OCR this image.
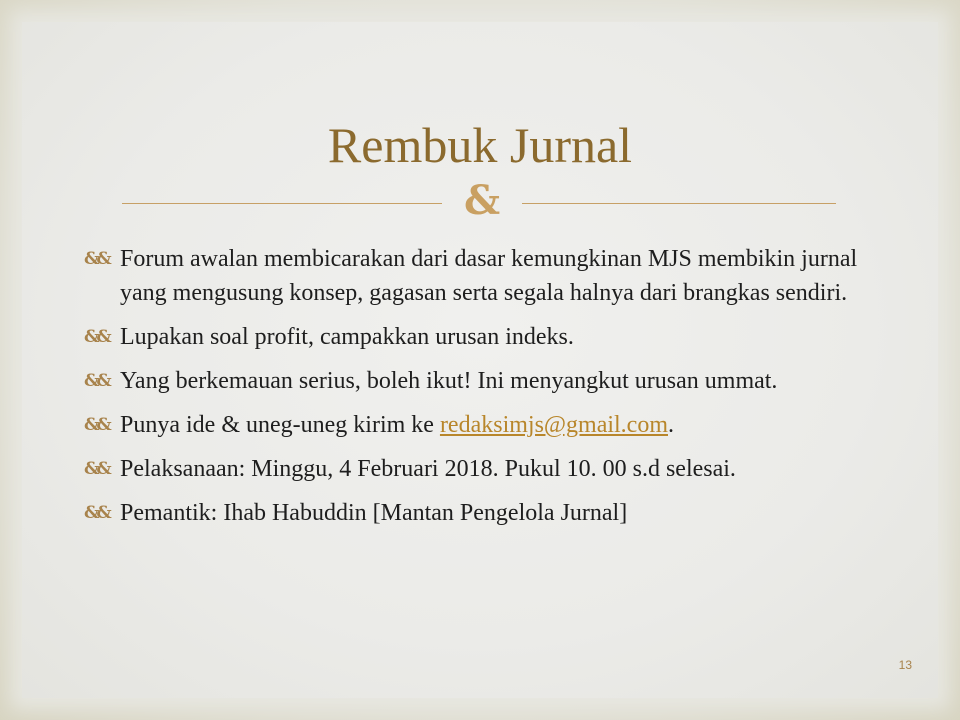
Rembuk Jurnal
&
&& Forum awalan membicarakan dari dasar kemungkinan MJS membikin jurnal yang mengusung konsep, gagasan serta segala halnya dari brangkas sendiri.
&& Lupakan soal profit, campakkan urusan indeks.
&& Yang berkemauan serius, boleh ikut! Ini menyangkut urusan ummat.
&& Punya ide & uneg-uneg kirim ke redaksimjs@gmail.com.
&& Pelaksanaan: Minggu, 4 Februari 2018. Pukul 10. 00 s.d selesai.
&& Pemantik: Ihab Habuddin [Mantan Pengelola Jurnal]
13
